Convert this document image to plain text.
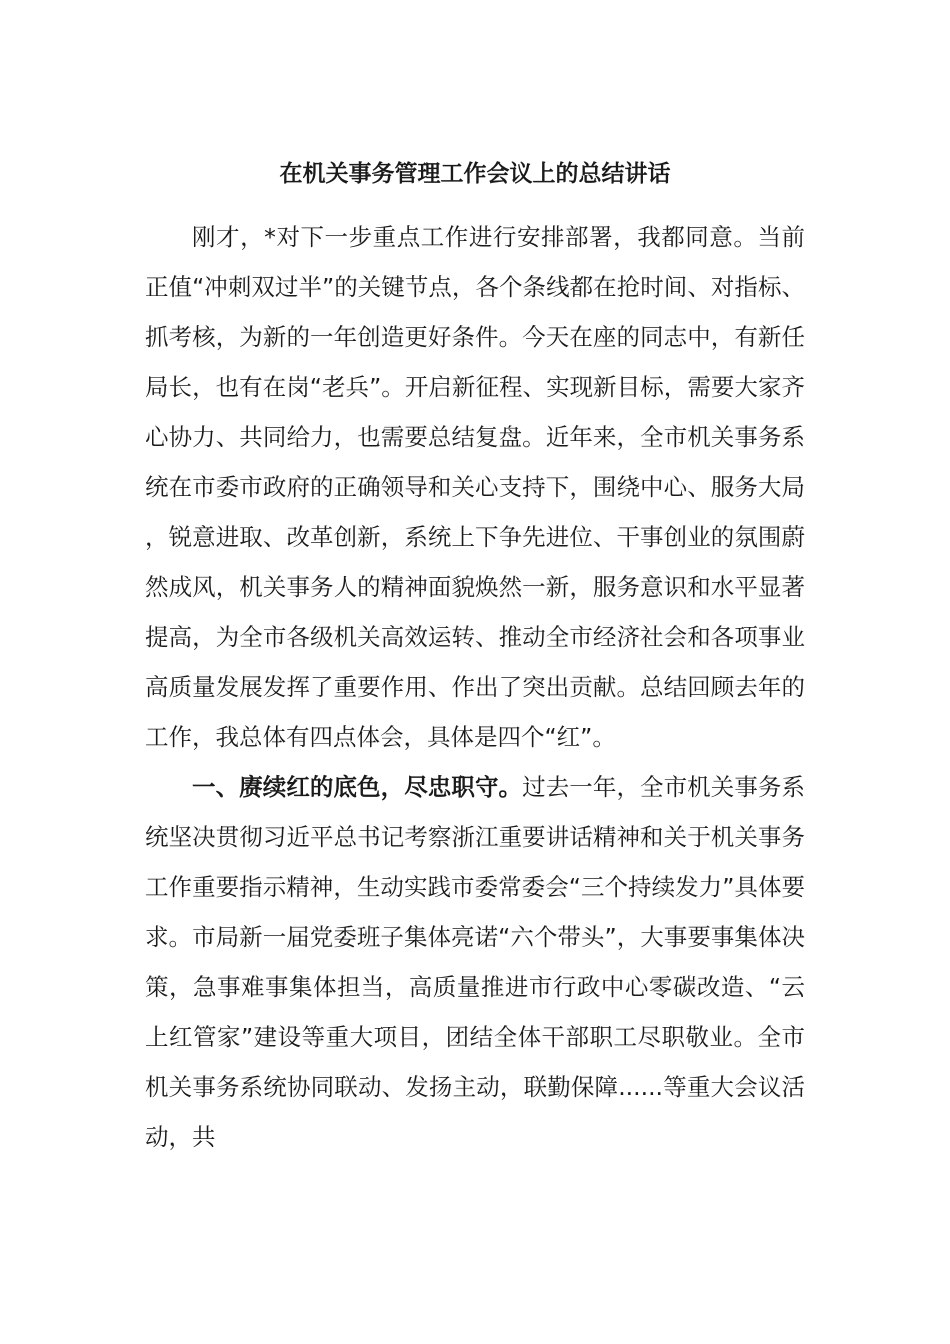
在机关事务管理工作会议上的总结讲话

刚才，*对下一步重点工作进行安排部署，我都同意。当前正值“冲刺双过半”的关键节点，各个条线都在抢时间、对指标、抓考核，为新的一年创造更好条件。今天在座的同志中，有新任局长，也有在岗“老兵”。开启新征程、实现新目标，需要大家齐心协力、共同给力，也需要总结复盘。近年来，全市机关事务系统在市委市政府的正确领导和关心支持下，围绕中心、服务大局，锐意进取、改革创新，系统上下争先进位、干事创业的氛围蔚然成风，机关事务人的精神面貌焕然一新，服务意识和水平显著提高，为全市各级机关高效运转、推动全市经济社会和各项事业高质量发展发挥了重要作用、作出了突出贡献。总结回顾去年的工作，我总体有四点体会，具体是四个“红”。

一、赓续红的底色，尽忠职守。过去一年，全市机关事务系统坚决贯彻习近平总书记考察浙江重要讲话精神和关于机关事务工作重要指示精神，生动实践市委常委会“三个持续发力”具体要求。市局新一届党委班子集体亮诺“六个带头”，大事要事集体决策，急事难事集体担当，高质量推进市行政中心零碳改造、“云上红管家”建设等重大项目，团结全体干部职工尽职敬业。全市机关事务系统协同联动、发扬主动，联勤保障......等重大会议活动，共
